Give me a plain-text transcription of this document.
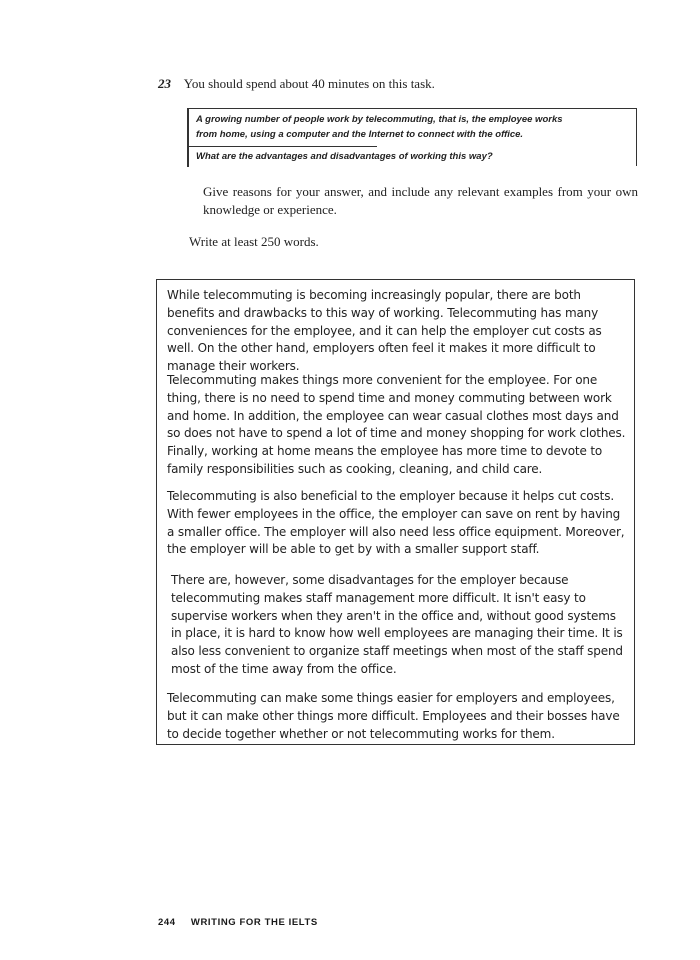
23 You should spend about 40 minutes on this task.
A growing number of people work by telecommuting, that is, the employee works
from home, using a computer and the Internet to connect with the office.
What are the advantages and disadvantages of working this way?
Give reasons for your answer, and include any relevant examples from your own knowledge or experience.
Write at least 250 words.
While telecommuting is becoming increasingly popular, there are both benefits and drawbacks to this way of working. Telecommuting has many conveniences for the employee, and it can help the employer cut costs as well. On the other hand, employers often feel it makes it more difficult to manage their workers.
Telecommuting makes things more convenient for the employee. For one thing, there is no need to spend time and money commuting between work and home. In addition, the employee can wear casual clothes most days and so does not have to spend a lot of time and money shopping for work clothes. Finally, working at home means the employee has more time to devote to family responsibilities such as cooking, cleaning, and child care.
Telecommuting is also beneficial to the employer because it helps cut costs. With fewer employees in the office, the employer can save on rent by having a smaller office. The employer will also need less office equipment. Moreover, the employer will be able to get by with a smaller support staff.
There are, however, some disadvantages for the employer because telecommuting makes staff management more difficult. It isn't easy to supervise workers when they aren't in the office and, without good systems in place, it is hard to know how well employees are managing their time. It is also less convenient to organize staff meetings when most of the staff spend most of the time away from the office.
Telecommuting can make some things easier for employers and employees, but it can make other things more difficult. Employees and their bosses have to decide together whether or not telecommuting works for them.
244 WRITING FOR THE IELTS
